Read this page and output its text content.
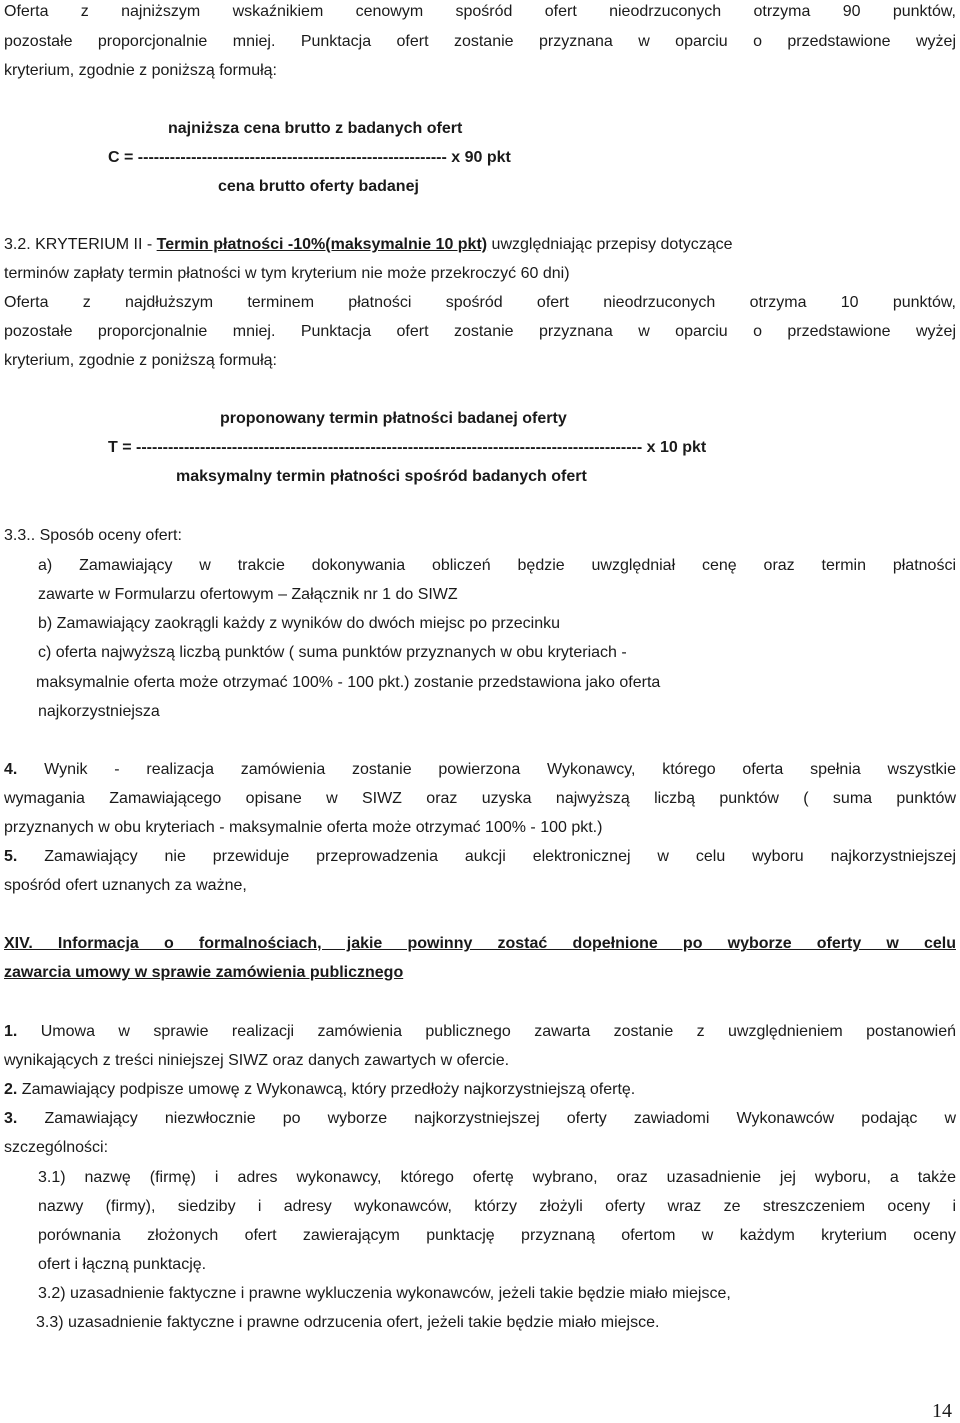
Oferta z najniższym wskaźnikiem cenowym spośród ofert nieodrzuconych otrzyma 90 punktów,
pozostałe proporcjonalnie mniej. Punktacja ofert zostanie przyznana w oparciu o przedstawione wyżej
kryterium, zgodnie z poniższą formułą:
najniższa cena brutto z badanych ofert
C = ---------------------------------------------------------- x 90 pkt
cena brutto oferty badanej
3.2. KRYTERIUM II - Termin płatności -10%(maksymalnie 10 pkt) uwzględniając przepisy dotyczące
terminów zapłaty termin płatności w tym kryterium nie może przekroczyć 60 dni)
Oferta z najdłuższym terminem płatności spośród ofert nieodrzuconych otrzyma 10 punktów,
pozostałe proporcjonalnie mniej. Punktacja ofert zostanie przyznana w oparciu o przedstawione wyżej
kryterium, zgodnie z poniższą formułą:
proponowany termin płatności badanej oferty
T = ----------------------------------------------------------------------------------------------- x 10 pkt
maksymalny termin płatności spośród badanych ofert
3.3.. Sposób oceny ofert:
a) Zamawiający w trakcie dokonywania obliczeń będzie uwzględniał cenę oraz termin płatności
zawarte w Formularzu ofertowym – Załącznik nr 1 do SIWZ
b) Zamawiający zaokrągli każdy z wyników do dwóch miejsc po przecinku
c) oferta najwyższą liczbą punktów ( suma punktów przyznanych w obu kryteriach -
maksymalnie oferta może otrzymać 100% - 100 pkt.) zostanie przedstawiona jako oferta
najkorzystniejsza
4. Wynik - realizacja zamówienia zostanie powierzona Wykonawcy, którego oferta spełnia wszystkie
wymagania Zamawiającego opisane w SIWZ oraz uzyska najwyższą liczbą punktów ( suma punktów
przyznanych w obu kryteriach - maksymalnie oferta może otrzymać 100% - 100 pkt.)
5. Zamawiający nie przewiduje przeprowadzenia aukcji elektronicznej w celu wyboru najkorzystniejszej
spośród ofert uznanych za ważne,
XIV. Informacja o formalnościach, jakie powinny zostać dopełnione po wyborze oferty w celu
zawarcia umowy w sprawie zamówienia publicznego
1. Umowa w sprawie realizacji zamówienia publicznego zawarta zostanie z uwzględnieniem postanowień
wynikających z treści niniejszej SIWZ oraz danych zawartych w ofercie.
2. Zamawiający podpisze umowę z Wykonawcą, który przedłoży najkorzystniejszą ofertę.
3. Zamawiający niezwłocznie po wyborze najkorzystniejszej oferty zawiadomi Wykonawców podając w
szczególności:
3.1) nazwę (firmę) i adres wykonawcy, którego ofertę wybrano, oraz uzasadnienie jej wyboru, a także
nazwy (firmy), siedziby i adresy wykonawców, którzy złożyli oferty wraz ze streszczeniem oceny i
porównania złożonych ofert zawierającym punktację przyznaną ofertom w każdym kryterium oceny
ofert i łączną punktację.
3.2) uzasadnienie faktyczne i prawne wykluczenia wykonawców, jeżeli takie będzie miało miejsce,
3.3) uzasadnienie faktyczne i prawne odrzucenia ofert, jeżeli takie będzie miało miejsce.
14
